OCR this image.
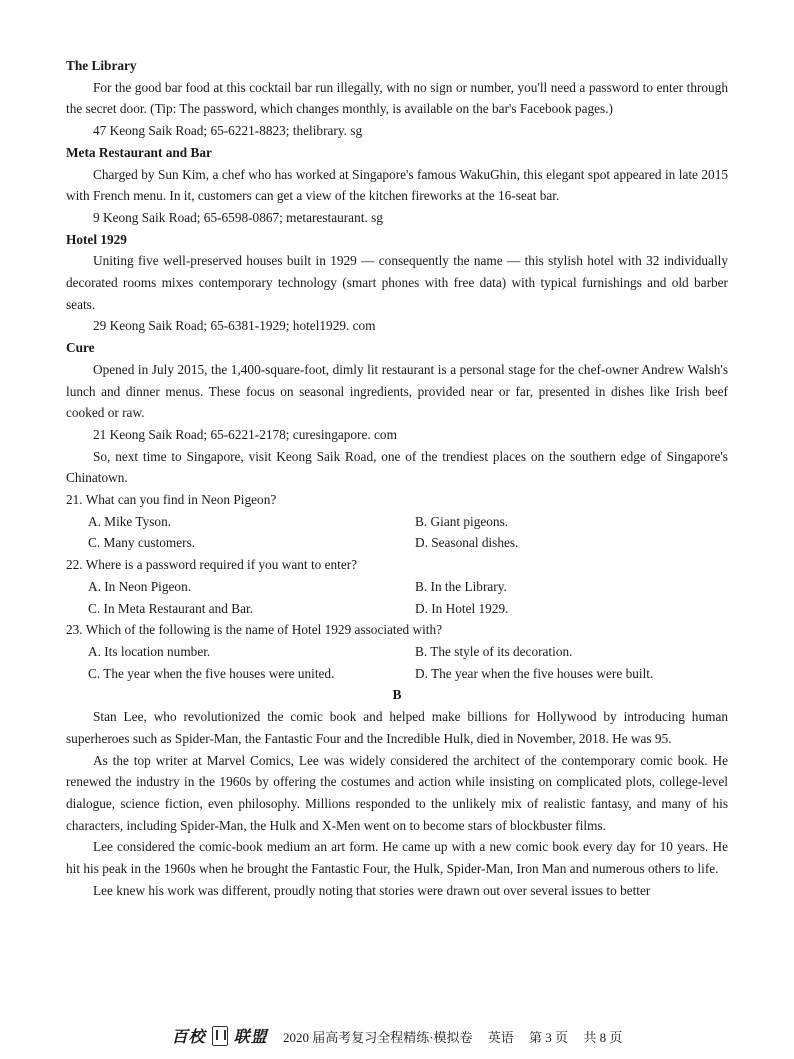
The Library

For the good bar food at this cocktail bar run illegally, with no sign or number, you'll need a password to enter through the secret door. (Tip: The password, which changes monthly, is available on the bar's Facebook pages.)

47 Keong Saik Road; 65-6221-8823; thelibrary. sg

Meta Restaurant and Bar

Charged by Sun Kim, a chef who has worked at Singapore's famous WakuGhin, this elegant spot appeared in late 2015 with French menu. In it, customers can get a view of the kitchen fireworks at the 16-seat bar.

9 Keong Saik Road; 65-6598-0867; metarestaurant. sg

Hotel 1929

Uniting five well-preserved houses built in 1929 — consequently the name — this stylish hotel with 32 individually decorated rooms mixes contemporary technology (smart phones with free data) with typical furnishings and old barber seats.

29 Keong Saik Road; 65-6381-1929; hotel1929. com

Cure

Opened in July 2015, the 1,400-square-foot, dimly lit restaurant is a personal stage for the chef-owner Andrew Walsh's lunch and dinner menus. These focus on seasonal ingredients, provided near or far, presented in dishes like Irish beef cooked or raw.

21 Keong Saik Road; 65-6221-2178; curesingapore. com

So, next time to Singapore, visit Keong Saik Road, one of the trendiest places on the southern edge of Singapore's Chinatown.

21. What can you find in Neon Pigeon?

A. Mike Tyson.	B. Giant pigeons.

C. Many customers.	D. Seasonal dishes.

22. Where is a password required if you want to enter?

A. In Neon Pigeon.	B. In the Library.

C. In Meta Restaurant and Bar.	D. In Hotel 1929.

23. Which of the following is the name of Hotel 1929 associated with?

A. Its location number.	B. The style of its decoration.

C. The year when the five houses were united.	D. The year when the five houses were built.

B

Stan Lee, who revolutionized the comic book and helped make billions for Hollywood by introducing human superheroes such as Spider-Man, the Fantastic Four and the Incredible Hulk, died in November, 2018. He was 95.

As the top writer at Marvel Comics, Lee was widely considered the architect of the contemporary comic book. He renewed the industry in the 1960s by offering the costumes and action while insisting on complicated plots, college-level dialogue, science fiction, even philosophy. Millions responded to the unlikely mix of realistic fantasy, and many of his characters, including Spider-Man, the Hulk and X-Men went on to become stars of blockbuster films.

Lee considered the comic-book medium an art form. He came up with a new comic book every day for 10 years. He hit his peak in the 1960s when he brought the Fantastic Four, the Hulk, Spider-Man, Iron Man and numerous others to life.

Lee knew his work was different, proudly noting that stories were drawn out over several issues to better

百校 联盟 2020 届高考复习全程精练·模拟卷 英语 第 3 页 共 8 页
